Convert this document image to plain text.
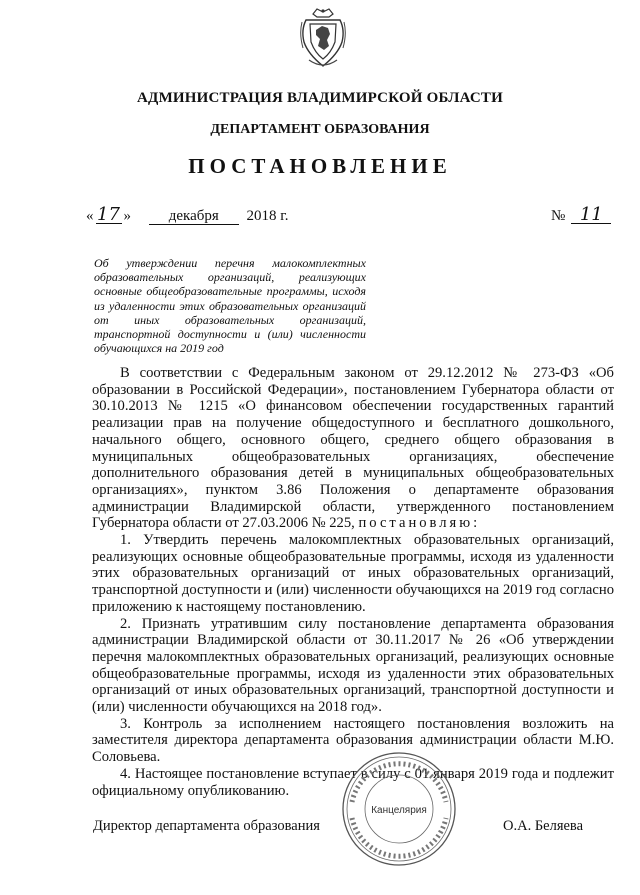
АДМИНИСТРАЦИЯ ВЛАДИМИРСКОЙ ОБЛАСТИ
ДЕПАРТАМЕНТ ОБРАЗОВАНИЯ
ПОСТАНОВЛЕНИЕ
« 17 »	декабря 2018 г.	№ 11
Об утверждении перечня малокомплектных образовательных организаций, реализующих основные общеобразовательные программы, исходя из удаленности этих образовательных организаций от иных образовательных организаций, транспортной доступности и (или) численности обучающихся на 2019 год

В соответствии с Федеральным законом от 29.12.2012 № 273-ФЗ «Об образовании в Российской Федерации», постановлением Губернатора области от 30.10.2013 № 1215 «О финансовом обеспечении государственных гарантий реализации прав на получение общедоступного и бесплатного дошкольного, начального общего, основного общего, среднего общего образования в муниципальных общеобразовательных организациях, обеспечение дополнительного образования детей в муниципальных общеобразовательных организациях», пунктом 3.86 Положения о департаменте образования администрации Владимирской области, утвержденного постановлением Губернатора области от 27.03.2006 № 225, постановляю:

1. Утвердить перечень малокомплектных образовательных организаций, реализующих основные общеобразовательные программы, исходя из удаленности этих образовательных организаций от иных образовательных организаций, транспортной доступности и (или) численности обучающихся на 2019 год согласно приложению к настоящему постановлению.

2. Признать утратившим силу постановление департамента образования администрации Владимирской области от 30.11.2017 № 26 «Об утверждении перечня малокомплектных образовательных организаций, реализующих основные общеобразовательные программы, исходя из удаленности этих образовательных организаций от иных образовательных организаций, транспортной доступности и (или) численности обучающихся на 2018 год».

3. Контроль за исполнением настоящего постановления возложить на заместителя директора департамента образования администрации области М.Ю. Соловьева.

4. Настоящее постановление вступает в силу с 01 января 2019 года и подлежит официальному опубликованию.

Канцелярия
Директор департамента образования	О.А. Беляева
